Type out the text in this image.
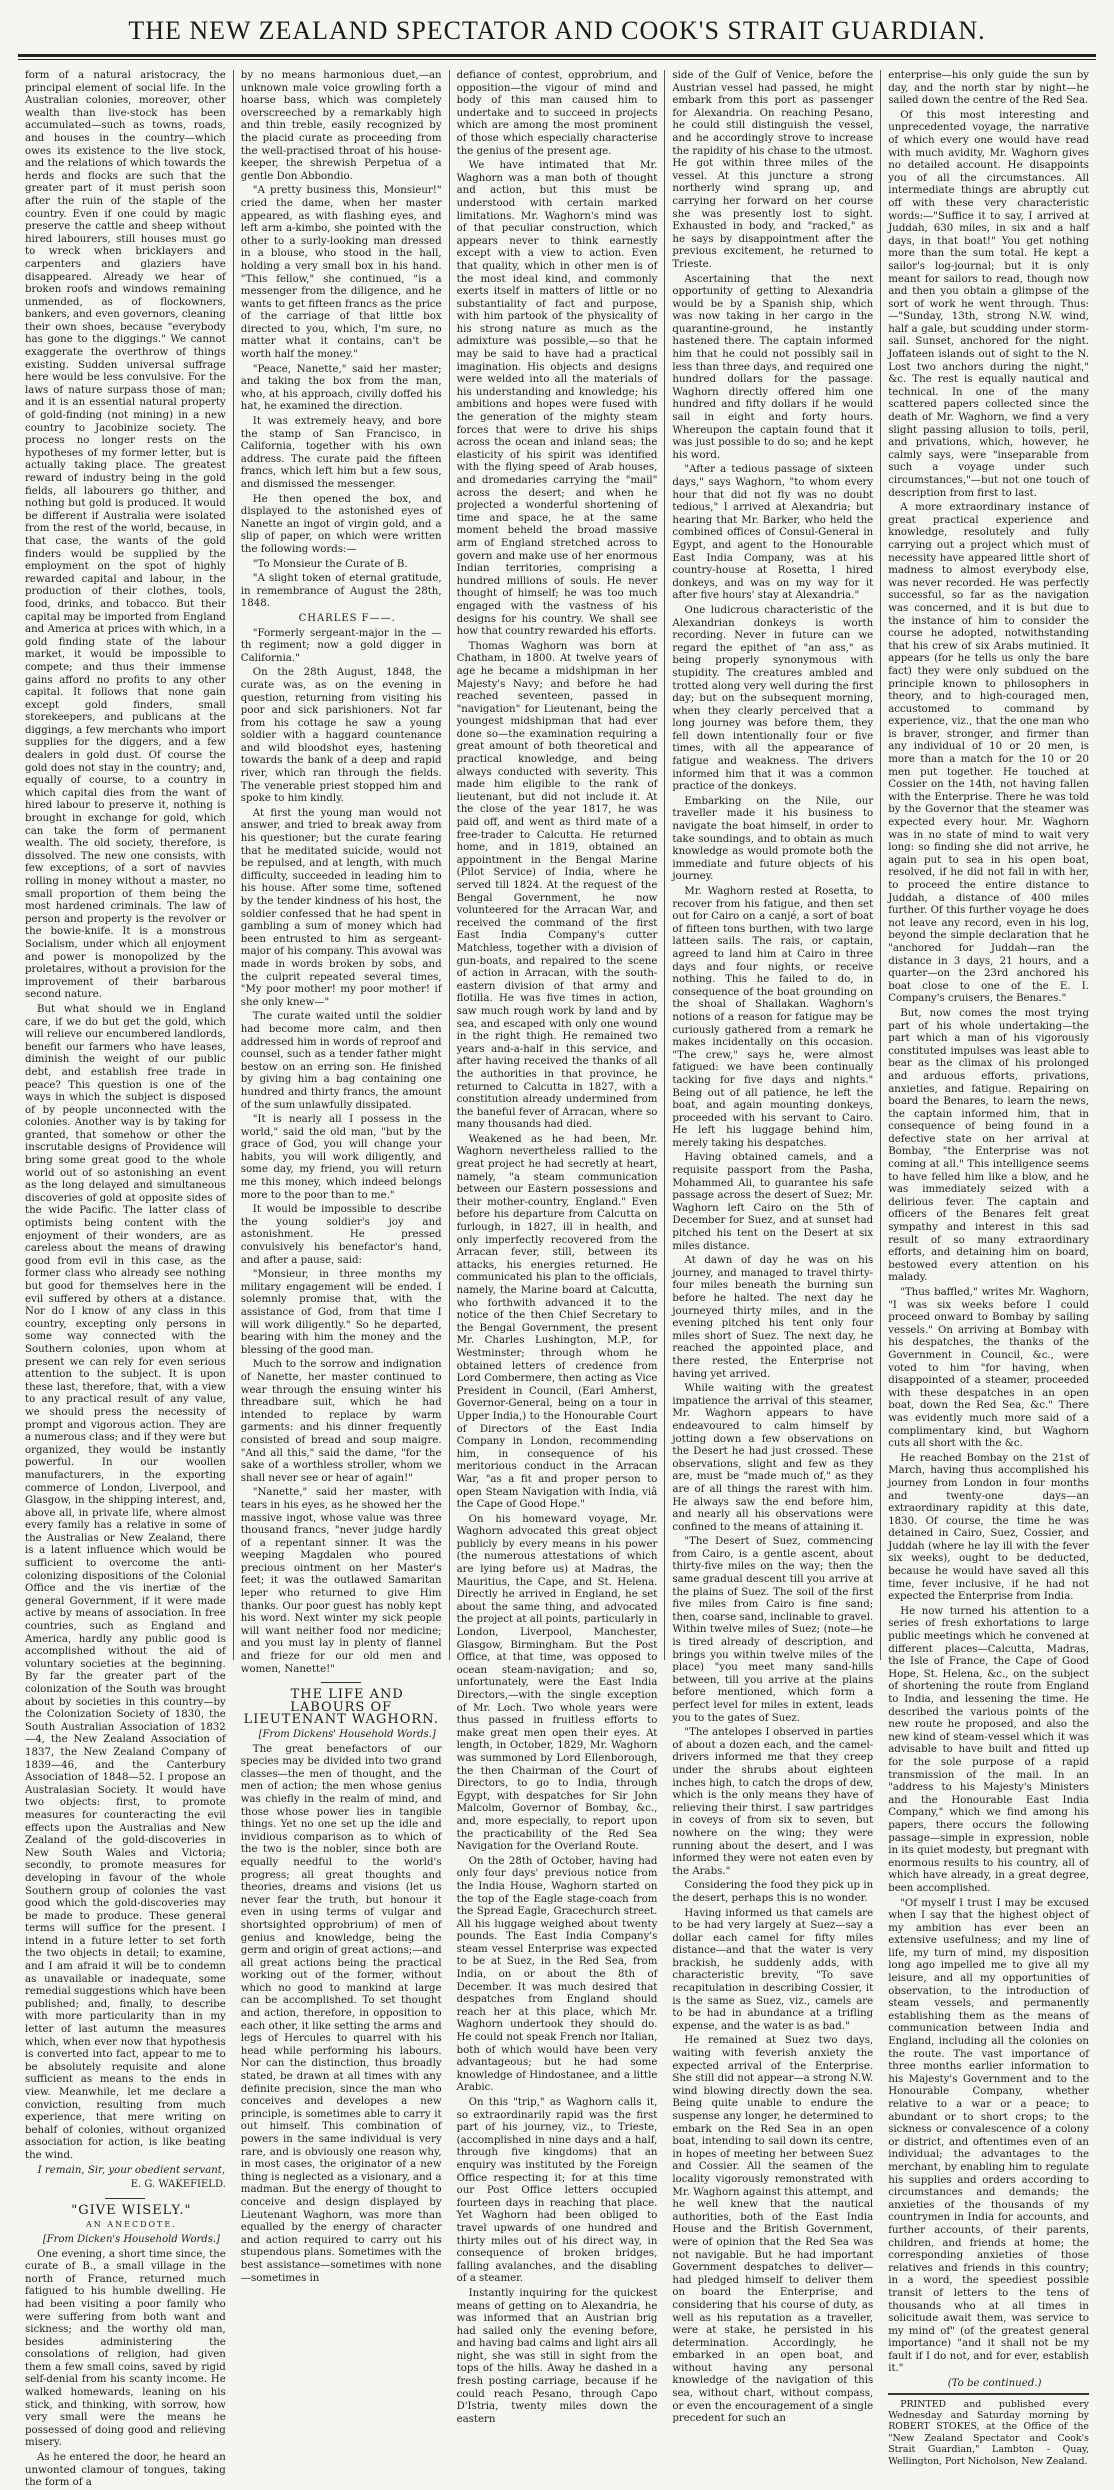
THE NEW ZEALAND SPECTATOR AND COOK'S STRAIT GUARDIAN.

form of a natural aristocracy, the principal element of social life. In the Australian colonies, moreover, other wealth than live-stock has been accumulated—such as towns, roads, and houses in the country—which owes its existence to the live stock, and the relations of which towards the herds and flocks are such that the greater part of it must perish soon after the ruin of the staple of the country. Even if one could by magic preserve the cattle and sheep without hired labourers, still houses must go to wreck when bricklayers and carpenters and glaziers have disappeared. Already we hear of broken roofs and windows remaining unmended, as of flockowners, bankers, and even governors, cleaning their own shoes, because "everybody has gone to the diggings." We cannot exaggerate the overthrow of things existing. Sudden universal suffrage here would be less convulsive. For the laws of nature surpass those of man; and it is an essential natural property of gold-finding (not mining) in a new country to Jacobinize society. The process no longer rests on the hypotheses of my former letter, but is actually taking place. The greatest reward of industry being in the gold fields, all labourers go thither, and nothing but gold is produced. It would be different if Australia were isolated from the rest of the world, because, in that case, the wants of the gold finders would be supplied by the employment on the spot of highly rewarded capital and labour, in the production of their clothes, tools, food, drinks, and tobacco. But their capital may be imported from England and America at prices with which, in a gold finding state of the labour market, it would be impossible to compete; and thus their immense gains afford no profits to any other capital. It follows that none gain except gold finders, small storekeepers, and publicans at the diggings, a few merchants who import supplies for the diggers, and a few dealers in gold dust. Of course the gold does not stay in the country; and, equally of course, to a country in which capital dies from the want of hired labour to preserve it, nothing is brought in exchange for gold, which can take the form of permanent wealth. The old society, therefore, is dissolved. The new one consists, with few exceptions, of a sort of navvies rolling in money without a master, no small proportion of them being the most hardened criminals. The law of person and property is the revolver or the bowie-knife. It is a monstrous Socialism, under which all enjoyment and power is monopolized by the proletaires, without a provision for the improvement of their barbarous second nature.

But what should we in England care, if we do but get the gold, which will relieve our encumbered landlords, benefit our farmers who have leases, diminish the weight of our public debt, and establish free trade in peace? This question is one of the ways in which the subject is disposed of by people unconnected with the colonies. Another way is by taking for granted, that somehow or other the inscrutable designs of Providence will bring some great good to the whole world out of so astonishing an event as the long delayed and simultaneous discoveries of gold at opposite sides of the wide Pacific. The latter class of optimists being content with the enjoyment of their wonders, are as careless about the means of drawing good from evil in this case, as the former class who already see nothing but good for themselves here in the evil suffered by others at a distance. Nor do I know of any class in this country, excepting only persons in some way connected with the Southern colonies, upon whom at present we can rely for even serious attention to the subject. It is upon these last, therefore, that, with a view to any practical result of any value, we should press the necessity of prompt and vigorous action. They are a numerous class; and if they were but organized, they would be instantly powerful. In our woollen manufacturers, in the exporting commerce of London, Liverpool, and Glasgow, in the shipping interest, and, above all, in private life, where almost every family has a relative in some of the Australias or New Zealand, there is a latent influence which would be sufficient to overcome the anti-colonizing dispositions of the Colonial Office and the vis inertiæ of the general Government, if it were made active by means of association. In free countries, such as England and America, hardly any public good is accomplished without the aid of voluntary societies at the beginning. By far the greater part of the colonization of the South was brought about by societies in this country—by the Colonization Society of 1830, the South Australian Association of 1832—4, the New Zealand Association of 1837, the New Zealand Company of 1839—46, and the Canterbury Association of 1848—52. I propose an Australasian Society. It would have two objects: first, to promote measures for counteracting the evil effects upon the Australias and New Zealand of the gold-discoveries in New South Wales and Victoria; secondly, to promote measures for developing in favour of the whole Southern group of colonies the vast good which the gold-discoveries may be made to produce. These general terms will suffice for the present. I intend in a future letter to set forth the two objects in detail; to examine, and I am afraid it will be to condemn as unavailable or inadequate, some remedial suggestions which have been published; and, finally, to describe with more particularity than in my letter of last autumn the measures which, when ever now that hypothesis is converted into fact, appear to me to be absolutely requisite and alone sufficient as means to the ends in view. Meanwhile, let me declare a conviction, resulting from much experience, that mere writing on behalf of colonies, without organized association for action, is like beating the wind.

I remain, Sir, your obedient servant,

E. G. WAKEFIELD.

"GIVE WISELY."

AN ANECDOTE.

[From Dicken's Household Words.]

One evening, a short time since, the curate of B., a small village in the north of France, returned much fatigued to his humble dwelling. He had been visiting a poor family who were suffering from both want and sickness; and the worthy old man, besides administering the consolations of religion, had given them a few small coins, saved by rigid self-denial from his scanty income. He walked homewards, leaning on his stick, and thinking, with sorrow, how very small were the means he possessed of doing good and relieving misery.

As he entered the door, he heard an unwonted clamour of tongues, taking the form of a

by no means harmonious duet,—an unknown male voice growling forth a hoarse bass, which was completely overscreeched by a remarkably high and thin treble, easily recognized by the placid curate as proceeding from the well-practised throat of his house-keeper, the shrewish Perpetua of a gentle Don Abbondio.

"A pretty business this, Monsieur!" cried the dame, when her master appeared, as with flashing eyes, and left arm a-kimbo, she pointed with the other to a surly-looking man dressed in a blouse, who stood in the hall, holding a very small box in his hand. "This fellow," she continued, "is a messenger from the diligence, and he wants to get fifteen francs as the price of the carriage of that little box directed to you, which, I'm sure, no matter what it contains, can't be worth half the money."

"Peace, Nanette," said her master; and taking the box from the man, who, at his approach, civilly doffed his hat, he examined the direction.

It was extremely heavy, and bore the stamp of San Francisco, in California, together with his own address. The curate paid the fifteen francs, which left him but a few sous, and dismissed the messenger.

He then opened the box, and displayed to the astonished eyes of Nanette an ingot of virgin gold, and a slip of paper, on which were written the following words:—

"To Monsieur the Curate of B.

"A slight token of eternal gratitude, in remembrance of August the 28th, 1848.

CHARLES F——.

"Formerly sergeant-major in the — th regiment; now a gold digger in California."

On the 28th August, 1848, the curate was, as on the evening in question, returning from visiting his poor and sick parishioners. Not far from his cottage he saw a young soldier with a haggard countenance and wild bloodshot eyes, hastening towards the bank of a deep and rapid river, which ran through the fields. The venerable priest stopped him and spoke to him kindly.

At first the young man would not answer, and tried to break away from his questioner; but the curate fearing that he meditated suicide, would not be repulsed, and at length, with much difficulty, succeeded in leading him to his house. After some time, softened by the tender kindness of his host, the soldier confessed that he had spent in gambling a sum of money which had been entrusted to him as sergeant-major of his company. This avowal was made in words broken by sobs, and the culprit repeated several times, "My poor mother! my poor mother! if she only knew—"

The curate waited until the soldier had become more calm, and then addressed him in words of reproof and counsel, such as a tender father might bestow on an erring son. He finished by giving him a bag containing one hundred and thirty francs, the amount of the sum unlawfully dissipated.

"It is nearly all I possess in the world," said the old man, "but by the grace of God, you will change your habits, you will work diligently, and some day, my friend, you will return me this money, which indeed belongs more to the poor than to me."

It would be impossible to describe the young soldier's joy and astonishment. He pressed convulsively his benefactor's hand, and after a pause, said:

"Monsieur, in three months my military engagement will be ended. I solemnly promise that, with the assistance of God, from that time I will work diligently." So he departed, bearing with him the money and the blessing of the good man.

Much to the sorrow and indignation of Nanette, her master continued to wear through the ensuing winter his threadbare suit, which he had intended to replace by warm garments: and his dinner frequently consisted of bread and soup maigre. "And all this," said the dame, "for the sake of a worthless stroller, whom we shall never see or hear of again!"

"Nanette," said her master, with tears in his eyes, as he showed her the massive ingot, whose value was three thousand francs, "never judge hardly of a repentant sinner. It was the weeping Magdalen who poured precious ointment on her Master's feet; it was the outlawed Samaritan leper who returned to give Him thanks. Our poor guest has nobly kept his word. Next winter my sick people will want neither food nor medicine; and you must lay in plenty of flannel and frieze for our old men and women, Nanette!"

THE LIFE AND LABOURS OF LIEUTENANT WAGHORN.

[From Dickens' Household Words.]

The great benefactors of our species may be divided into two grand classes—the men of thought, and the men of action; the men whose genius was chiefly in the realm of mind, and those whose power lies in tangible things. Yet no one set up the idle and invidious comparison as to which of the two is the nobler, since both are equally needful to the world's progress; all great thoughts and theories, dreams and visions (let us never fear the truth, but honour it even in using terms of vulgar and shortsighted opprobrium) of men of genius and knowledge, being the germ and origin of great actions;—and all great actions being the practical working out of the former, without which no good to mankind at large can be accomplished. To set thought and action, therefore, in opposition to each other, it like setting the arms and legs of Hercules to quarrel with his head while performing his labours. Nor can the distinction, thus broadly stated, be drawn at all times with any definite precision, since the man who conceives and developes a new principle, is sometimes able to carry it out himself. This combination of powers in the same individual is very rare, and is obviously one reason why, in most cases, the originator of a new thing is neglected as a visionary, and a madman. But the energy of thought to conceive and design displayed by Lieutenant Waghorn, was more than equalled by the energy of character and action required to carry out his stupendous plans. Sometimes with the best assistance—sometimes with none—sometimes in

defiance of contest, opprobrium, and opposition—the vigour of mind and body of this man caused him to undertake and to succeed in projects which are among the most prominent of those which especially characterise the genius of the present age.

We have intimated that Mr. Waghorn was a man both of thought and action, but this must be understood with certain marked limitations. Mr. Waghorn's mind was of that peculiar construction, which appears never to think earnestly except with a view to action. Even that quality, which in other men is of the most ideal kind, and commonly exerts itself in matters of little or no substantiality of fact and purpose, with him partook of the physicality of his strong nature as much as the admixture was possible,—so that he may be said to have had a practical imagination. His objects and designs were welded into all the materials of his understanding and knowledge; his ambitions and hopes were fused with the generation of the mighty steam forces that were to drive his ships across the ocean and inland seas; the elasticity of his spirit was identified with the flying speed of Arab houses, and dromedaries carrying the "mail" across the desert; and when he projected a wonderful shortening of time and space, he at the same moment beheld the broad massive arm of England stretched across to govern and make use of her enormous Indian territories, comprising a hundred millions of souls. He never thought of himself; he was too much engaged with the vastness of his designs for his country. We shall see how that country rewarded his efforts.

Thomas Waghorn was born at Chatham, in 1800. At twelve years of age he became a midshipman in her Majesty's Navy; and before he had reached seventeen, passed in "navigation" for Lieutenant, being the youngest midshipman that had ever done so—the examination requiring a great amount of both theoretical and practical knowledge, and being always conducted with severity. This made him eligible to the rank of lieutenant, but did not include it. At the close of the year 1817, he was paid off, and went as third mate of a free-trader to Calcutta. He returned home, and in 1819, obtained an appointment in the Bengal Marine (Pilot Service) of India, where he served till 1824. At the request of the Bengal Government, he now volunteered for the Arracan War, and received the command of the first East India Company's cutter Matchless, together with a division of gun-boats, and repaired to the scene of action in Arracan, with the south-eastern division of that army and flotilla. He was five times in action, saw much rough work by land and by sea, and escaped with only one wound in the right thigh. He remained two years and-a-half in this service, and after having received the thanks of all the authorities in that province, he returned to Calcutta in 1827, with a constitution already undermined from the baneful fever of Arracan, where so many thousands had died.

Weakened as he had been, Mr. Waghorn nevertheless rallied to the great project he had secretly at heart, namely, "a steam communication between our Eastern possessions and their mother-country, England." Even before his departure from Calcutta on furlough, in 1827, ill in health, and only imperfectly recovered from the Arracan fever, still, between its attacks, his energies returned. He communicated his plan to the officials, namely, the Marine board at Calcutta, who forthwith advanced it to the notice of the then Chief Secretary to the Bengal Government, the present Mr. Charles Lushington, M.P., for Westminster; through whom he obtained letters of credence from Lord Combermere, then acting as Vice President in Council, (Earl Amherst, Governor-General, being on a tour in Upper India,) to the Honourable Court of Directors of the East India Company in London, recommending him, in consequence of his meritorious conduct in the Arracan War, "as a fit and proper person to open Steam Navigation with India, viâ the Cape of Good Hope."

On his homeward voyage, Mr. Waghorn advocated this great object publicly by every means in his power (the numerous attestations of which are lying before us) at Madras, the Mauritius, the Cape, and St. Helena. Directly he arrived in England, he set about the same thing, and advocated the project at all points, particularly in London, Liverpool, Manchester, Glasgow, Birmingham. But the Post Office, at that time, was opposed to ocean steam-navigation; and so, unfortunately, were the East India Directors,—with the single exception of Mr. Loch. Two whole years were thus passed in fruitless efforts to make great men open their eyes. At length, in October, 1829, Mr. Waghorn was summoned by Lord Ellenborough, the then Chairman of the Court of Directors, to go to India, through Egypt, with despatches for Sir John Malcolm, Governor of Bombay, &c., and, more especially, to report upon the practicability of the Red Sea Navigation for the Overland Route.

On the 28th of October, having had only four days' previous notice from the India House, Waghorn started on the top of the Eagle stage-coach from the Spread Eagle, Gracechurch street. All his luggage weighed about twenty pounds. The East India Company's steam vessel Enterprise was expected to be at Suez, in the Red Sea, from India, on or about the 8th of December. It was much desired that despatches from England should reach her at this place, which Mr. Waghorn undertook they should do. He could not speak French nor Italian, both of which would have been very advantageous; but he had some knowledge of Hindostanee, and a little Arabic.

On this "trip," as Waghorn calls it, so extraordinarily rapid was the first part of his journey, viz., to Trieste, (accomplished in nine days and a half, through five kingdoms) that an enquiry was instituted by the Foreign Office respecting it; for at this time our Post Office letters occupied fourteen days in reaching that place. Yet Waghorn had been obliged to travel upwards of one hundred and thirty miles out of his direct way, in consequence of broken bridges, falling avalanches, and the disabling of a steamer.

Instantly inquiring for the quickest means of getting on to Alexandria, he was informed that an Austrian brig had sailed only the evening before, and having bad calms and light airs all night, she was still in sight from the tops of the hills. Away he dashed in a fresh posting carriage, because if he could reach Pesano, through Capo D'Istria, twenty miles down the eastern

side of the Gulf of Venice, before the Austrian vessel had passed, he might embark from this port as passenger for Alexandria. On reaching Pesano, he could still distinguish the vessel, and he accordingly strove to increase the rapidity of his chase to the utmost. He got within three miles of the vessel. At this juncture a strong northerly wind sprang up, and carrying her forward on her course she was presently lost to sight. Exhausted in body, and "racked," as he says by disappointment after the previous excitement, he returned to Trieste.

Ascertaining that the next opportunity of getting to Alexandria would be by a Spanish ship, which was now taking in her cargo in the quarantine-ground, he instantly hastened there. The captain informed him that he could not possibly sail in less than three days, and required one hundred dollars for the passage. Waghorn directly offered him one hundred and fifty dollars if he would sail in eight and forty hours. Whereupon the captain found that it was just possible to do so; and he kept his word.

"After a tedious passage of sixteen days," says Waghorn, "to whom every hour that did not fly was no doubt tedious," I arrived at Alexandria; but hearing that Mr. Barker, who held the combined offices of Consul-General in Egypt, and agent to the Honourable East India Company, was at his country-house at Rosetta, I hired donkeys, and was on my way for it after five hours' stay at Alexandria."

One ludicrous characteristic of the Alexandrian donkeys is worth recording. Never in future can we regard the epithet of "an ass," as being properly synonymous with stupidity. The creatures ambled and trotted along very well during the first day; but on the subsequent morning, when they clearly perceived that a long journey was before them, they fell down intentionally four or five times, with all the appearance of fatigue and weakness. The drivers informed him that it was a common practice of the donkeys.

Embarking on the Nile, our traveller made it his business to navigate the boat himself, in order to take soundings, and to obtain as much knowledge as would promote both the immediate and future objects of his journey.

Mr. Waghorn rested at Rosetta, to recover from his fatigue, and then set out for Cairo on a canjé, a sort of boat of fifteen tons burthen, with two large latteen sails. The rais, or captain, agreed to land him at Cairo in three days and four nights, or receive nothing. This he failed to do, in consequence of the boat grounding on the shoal of Shallakan. Waghorn's notions of a reason for fatigue may be curiously gathered from a remark he makes incidentally on this occasion. "The crew," says he, were almost fatigued: we have been continually tacking for five days and nights." Being out of all patience, he left the boat, and again mounting donkeys, proceeded with his servant to Cairo. He left his luggage behind him, merely taking his despatches.

Having obtained camels, and a requisite passport from the Pasha, Mohammed Ali, to guarantee his safe passage across the desert of Suez; Mr. Waghorn left Cairo on the 5th of December for Suez, and at sunset had pitched his tent on the Desert at six miles distance.

At dawn of day he was on his journey, and managed to travel thirty-four miles beneath the burning sun before he halted. The next day he journeyed thirty miles, and in the evening pitched his tent only four miles short of Suez. The next day, he reached the appointed place, and there rested, the Enterprise not having yet arrived.

While waiting with the greatest impatience the arrival of this steamer, Mr. Waghorn appears to have endeavoured to calm himself by jotting down a few observations on the Desert he had just crossed. These observations, slight and few as they are, must be "made much of," as they are of all things the rarest with him. He always saw the end before him, and nearly all his observations were confined to the means of attaining it.

"The Desert of Suez, commencing from Cairo, is a gentle ascent, about thirty-five miles on the way; then the same gradual descent till you arrive at the plains of Suez. The soil of the first five miles from Cairo is fine sand; then, coarse sand, inclinable to gravel. Within twelve miles of Suez; (note—he is tired already of description, and brings you within twelve miles of the place) "you meet many sand-hills between, till you arrive at the plains before mentioned, which form a perfect level for miles in extent, leads you to the gates of Suez.

"The antelopes I observed in parties of about a dozen each, and the camel-drivers informed me that they creep under the shrubs about eighteen inches high, to catch the drops of dew, which is the only means they have of relieving their thirst. I saw partridges in coveys of from six to seven, but nowhere on the wing; they were running about the desert, and I was informed they were not eaten even by the Arabs."

Considering the food they pick up in the desert, perhaps this is no wonder.

Having informed us that camels are to be had very largely at Suez—say a dollar each camel for fifty miles distance—and that the water is very brackish, he suddenly adds, with characteristic brevity, "To save recapitulation in describing Cossier, it is the same as Suez, viz., camels are to be had in abundance at a trifling expense, and the water is as bad."

He remained at Suez two days, waiting with feverish anxiety the expected arrival of the Enterprise. She still did not appear—a strong N.W. wind blowing directly down the sea. Being quite unable to endure the suspense any longer, he determined to embark on the Red Sea in an open boat, intending to sail down its centre, in hopes of meeting her between Suez and Cossier. All the seamen of the locality vigorously remonstrated with Mr. Waghorn against this attempt, and he well knew that the nautical authorities, both of the East India House and the British Government, were of opinion that the Red Sea was not navigable. But he had important Government despatches to deliver—had pledged himself to deliver them on board the Enterprise, and considering that his course of duty, as well as his reputation as a traveller, were at stake, he persisted in his determination. Accordingly, he embarked in an open boat, and without having any personal knowledge of the navigation of this sea, without chart, without compass, or even the encouragement of a single precedent for such an

enterprise—his only guide the sun by day, and the north star by night—he sailed down the centre of the Red Sea.

Of this most interesting and unprecedented voyage, the narrative of which every one would have read with much avidity, Mr. Waghorn gives no detailed account. He disappoints you of all the circumstances. All intermediate things are abruptly cut off with these very characteristic words:—"Suffice it to say, I arrived at Juddah, 630 miles, in six and a half days, in that boat!" You get nothing more than the sum total. He kept a sailor's log-journal; but it is only meant for sailors to read, though now and then you obtain a glimpse of the sort of work he went through. Thus:—"Sunday, 13th, strong N.W. wind, half a gale, but scudding under storm-sail. Sunset, anchored for the night. Joffateen islands out of sight to the N. Lost two anchors during the night," &c. The rest is equally nautical and technical. In one of the many scattered papers collected since the death of Mr. Waghorn, we find a very slight passing allusion to toils, peril, and privations, which, however, he calmly says, were "inseparable from such a voyage under such circumstances,"—but not one touch of description from first to last.

A more extraordinary instance of great practical experience and knowledge, resolutely and fully carrying out a project which must of necessity have appeared little short of madness to almost everybody else, was never recorded. He was perfectly successful, so far as the navigation was concerned, and it is but due to the instance of him to consider the course he adopted, notwithstanding that his crew of six Arabs mutinied. It appears (for he tells us only the bare fact) they were only subdued on the principle known to philosophers in theory, and to high-couraged men, accustomed to command by experience, viz., that the one man who is braver, stronger, and firmer than any individual of 10 or 20 men, is more than a match for the 10 or 20 men put together. He touched at Cossier on the 14th, not having fallen with the Enterprise. There he was told by the Governor that the steamer was expected every hour. Mr. Waghorn was in no state of mind to wait very long: so finding she did not arrive, he again put to sea in his open boat, resolved, if he did not fall in with her, to proceed the entire distance to Juddah, a distance of 400 miles further. Of this further voyage he does not leave any record, even in his log, beyond the simple declaration that he "anchored for Juddah—ran the distance in 3 days, 21 hours, and a quarter—on the 23rd anchored his boat close to one of the E. I. Company's cruisers, the Benares."

But, now comes the most trying part of his whole undertaking—the part which a man of his vigorously constituted impulses was least able to bear as the climax of his prolonged and arduous efforts, privations, anxieties, and fatigue. Repairing on board the Benares, to learn the news, the captain informed him, that in consequence of being found in a defective state on her arrival at Bombay, "the Enterprise was not coming at all." This intelligence seems to have felled him like a blow, and he was immediately seized with a delirious fever. The captain and officers of the Benares felt great sympathy and interest in this sad result of so many extraordinary efforts, and detaining him on board, bestowed every attention on his malady.

"Thus baffled," writes Mr. Waghorn, "I was six weeks before I could proceed onward to Bombay by sailing vessels." On arriving at Bombay with his despatches, the thanks of the Government in Council, &c., were voted to him "for having, when disappointed of a steamer, proceeded with these despatches in an open boat, down the Red Sea, &c." There was evidently much more said of a complimentary kind, but Waghorn cuts all short with the &c.

He reached Bombay on the 21st of March, having thus accomplished his journey from London in four months and twenty-one days—an extraordinary rapidity at this date, 1830. Of course, the time he was detained in Cairo, Suez, Cossier, and Juddah (where he lay ill with the fever six weeks), ought to be deducted, because he would have saved all this time, fever inclusive, if he had not expected the Enterprise from India.

He now turned his attention to a series of fresh exhortations to large public meetings which he convened at different places—Calcutta, Madras, the Isle of France, the Cape of Good Hope, St. Helena, &c., on the subject of shortening the route from England to India, and lessening the time. He described the various points of the new route he proposed, and also the new kind of steam-vessel which it was advisable to have built and fitted up for the sole purpose of a rapid transmission of the mail. In an "address to his Majesty's Ministers and the Honourable East India Company," which we find among his papers, there occurs the following passage—simple in expression, noble in its quiet modesty, but pregnant with enormous results to his country, all of which have already, in a great degree, been accomplished.

"Of myself I trust I may be excused when I say that the highest object of my ambition has ever been an extensive usefulness; and my line of life, my turn of mind, my disposition long ago impelled me to give all my leisure, and all my opportunities of observation, to the introduction of steam vessels, and permanently establishing them as the means of communication between India and England, including all the colonies on the route. The vast importance of three months earlier information to his Majesty's Government and to the Honourable Company, whether relative to a war or a peace; to abundant or to short crops; to the sickness or convalescence of a colony or district, and oftentimes even of an individual; the advantages to the merchant, by enabling him to regulate his supplies and orders according to circumstances and demands; the anxieties of the thousands of my countrymen in India for accounts, and further accounts, of their parents, children, and friends at home; the corresponding anxieties of those relatives and friends in this country; in a word, the speediest possible transit of letters to the tens of thousands who at all times in solicitude await them, was service to my mind of" (of the greatest general importance) "and it shall not be my fault if I do not, and for ever, establish it."

(To be continued.)

PRINTED and published every Wednesday and Saturday morning by ROBERT STOKES, at the Office of the "New Zealand Spectator and Cook's Strait Guardian," Lambton - Quay, Wellington, Port Nicholson, New Zealand.
